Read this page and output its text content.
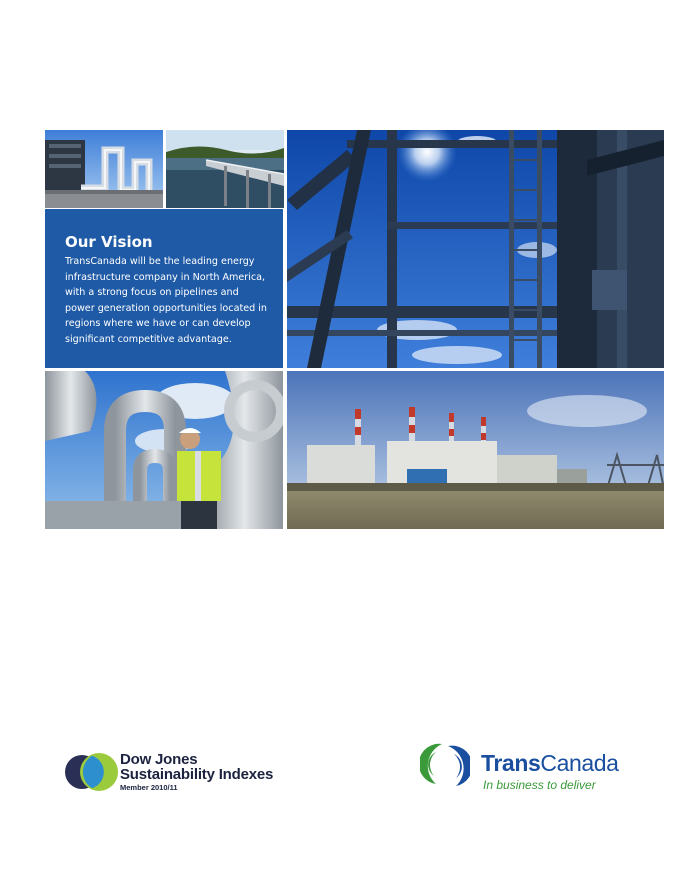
Our Vision

TransCanada will be the leading energy infrastructure company in North America, with a strong focus on pipelines and power generation opportunities located in regions where we have or can develop significant competitive advantage.

Dow Jones
Sustainability Indexes
Member 2010/11
TransCanada
In business to deliver
